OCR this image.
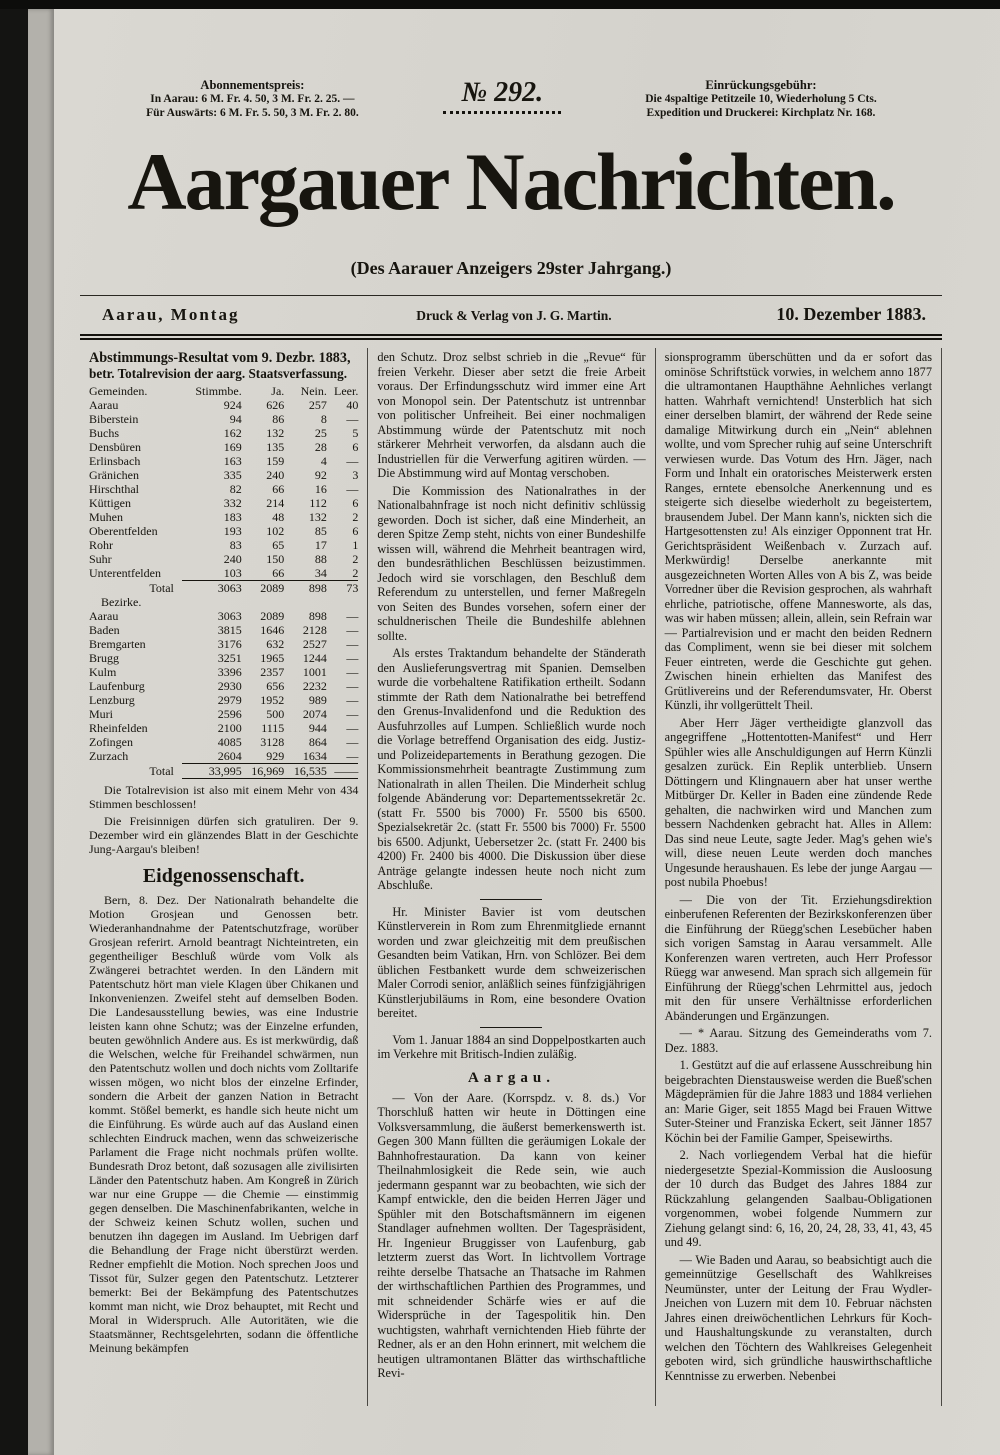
Abonnementspreis:
In Aarau: 6 M. Fr. 4. 50, 3 M. Fr. 2. 25. —
Für Auswärts: 6 M. Fr. 5. 50, 3 M. Fr. 2. 80.
№ 292.	Einrückungsgebühr:
Die 4spaltige Petitzeile 10, Wiederholung 5 Cts.
Expedition und Druckerei: Kirchplatz Nr. 168.
Aargauer Nachrichten.
(Des Aarauer Anzeigers 29ster Jahrgang.)
Aarau, Montag	Druck & Verlag von J. G. Martin.	10. Dezember 1883.
Abstimmungs-Resultat vom 9. Dezbr. 1883,
betr. Totalrevision der aarg. Staatsverfassung.
Gemeinden.	Stimmbe.	Ja.	Nein.	Leer.
Aarau	924	626	257	40
Biberstein	94	86	8	—
Buchs	162	132	25	5
Densbüren	169	135	28	6
Erlinsbach	163	159	4	—
Gränichen	335	240	92	3
Hirschthal	82	66	16	—
Küttigen	332	214	112	6
Muhen	183	48	132	2
Oberentfelden	193	102	85	6
Rohr	83	65	17	1
Suhr	240	150	88	2
Unterentfelden	103	66	34	2
Total	3063	2089	898	73
Bezirke.				
Aarau	3063	2089	898	—
Baden	3815	1646	2128	—
Bremgarten	3176	632	2527	—
Brugg	3251	1965	1244	—
Kulm	3396	2357	1001	—
Laufenburg	2930	656	2232	—
Lenzburg	2979	1952	989	—
Muri	2596	500	2074	—
Rheinfelden	2100	1115	944	—
Zofingen	4085	3128	864	—
Zurzach	2604	929	1634	—
Total	33,995	16,969	16,535	——

Die Totalrevision ist also mit einem Mehr von 434 Stimmen beschlossen!

Die Freisinnigen dürfen sich gratuliren. Der 9. Dezember wird ein glänzendes Blatt in der Geschichte Jung-Aargau's bleiben!

Eidgenossenschaft.

Bern, 8. Dez. Der Nationalrath behandelte die Motion Grosjean und Genossen betr. Wiederanhandnahme der Patentschutzfrage, worüber Grosjean referirt. Arnold beantragt Nichteintreten, ein gegentheiliger Beschluß würde vom Volk als Zwängerei betrachtet werden. In den Ländern mit Patentschutz hört man viele Klagen über Chikanen und Inkonvenienzen. Zweifel steht auf demselben Boden. Die Landesausstellung bewies, was eine Industrie leisten kann ohne Schutz; was der Einzelne erfunden, beuten gewöhnlich Andere aus. Es ist merkwürdig, daß die Welschen, welche für Freihandel schwärmen, nun den Patentschutz wollen und doch nichts vom Zolltarife wissen mögen, wo nicht blos der einzelne Erfinder, sondern die Arbeit der ganzen Nation in Betracht kommt. Stößel bemerkt, es handle sich heute nicht um die Einführung. Es würde auch auf das Ausland einen schlechten Eindruck machen, wenn das schweizerische Parlament die Frage nicht nochmals prüfen wollte. Bundesrath Droz betont, daß sozusagen alle zivilisirten Länder den Patentschutz haben. Am Kongreß in Zürich war nur eine Gruppe — die Chemie — einstimmig gegen denselben. Die Maschinenfabrikanten, welche in der Schweiz keinen Schutz wollen, suchen und benutzen ihn dagegen im Ausland. Im Uebrigen darf die Behandlung der Frage nicht überstürzt werden. Redner empfiehlt die Motion. Noch sprechen Joos und Tissot für, Sulzer gegen den Patentschutz. Letzterer bemerkt: Bei der Bekämpfung des Patentschutzes kommt man nicht, wie Droz behauptet, mit Recht und Moral in Widerspruch. Alle Autoritäten, wie die Staatsmänner, Rechtsgelehrten, sodann die öffentliche Meinung bekämpfen

den Schutz. Droz selbst schrieb in die „Revue“ für freien Verkehr. Dieser aber setzt die freie Arbeit voraus. Der Erfindungsschutz wird immer eine Art von Monopol sein. Der Patentschutz ist untrennbar von politischer Unfreiheit. Bei einer nochmaligen Abstimmung würde der Patentschutz mit noch stärkerer Mehrheit verworfen, da alsdann auch die Industriellen für die Verwerfung agitiren würden. — Die Abstimmung wird auf Montag verschoben.

Die Kommission des Nationalrathes in der Nationalbahnfrage ist noch nicht definitiv schlüssig geworden. Doch ist sicher, daß eine Minderheit, an deren Spitze Zemp steht, nichts von einer Bundeshilfe wissen will, während die Mehrheit beantragen wird, den bundesräthlichen Beschlüssen beizustimmen. Jedoch wird sie vorschlagen, den Beschluß dem Referendum zu unterstellen, und ferner Maßregeln von Seiten des Bundes vorsehen, sofern einer der schuldnerischen Theile die Bundeshilfe ablehnen sollte.

Als erstes Traktandum behandelte der Ständerath den Auslieferungsvertrag mit Spanien. Demselben wurde die vorbehaltene Ratifikation ertheilt. Sodann stimmte der Rath dem Nationalrathe bei betreffend den Grenus-Invalidenfond und die Reduktion des Ausfuhrzolles auf Lumpen. Schließlich wurde noch die Vorlage betreffend Organisation des eidg. Justiz- und Polizeidepartements in Berathung gezogen. Die Kommissionsmehrheit beantragte Zustimmung zum Nationalrath in allen Theilen. Die Minderheit schlug folgende Abänderung vor: Departementssekretär 2c. (statt Fr. 5500 bis 7000) Fr. 5500 bis 6500. Spezialsekretär 2c. (statt Fr. 5500 bis 7000) Fr. 5500 bis 6500. Adjunkt, Uebersetzer 2c. (statt Fr. 2400 bis 4200) Fr. 2400 bis 4000. Die Diskussion über diese Anträge gelangte indessen heute noch nicht zum Abschluße.

Hr. Minister Bavier ist vom deutschen Künstlerverein in Rom zum Ehrenmitgliede ernannt worden und zwar gleichzeitig mit dem preußischen Gesandten beim Vatikan, Hrn. von Schlözer. Bei dem üblichen Festbankett wurde dem schweizerischen Maler Corrodi senior, anläßlich seines fünfzigjährigen Künstlerjubiläums in Rom, eine besondere Ovation bereitet.

Vom 1. Januar 1884 an sind Doppelpostkarten auch im Verkehre mit Britisch-Indien zuläßig.

Aargau.

— Von der Aare. (Korrspdz. v. 8. ds.) Vor Thorschluß hatten wir heute in Döttingen eine Volksversammlung, die äußerst bemerkenswerth ist. Gegen 300 Mann füllten die geräumigen Lokale der Bahnhofrestauration. Da kann von keiner Theilnahmlosigkeit die Rede sein, wie auch jedermann gespannt war zu beobachten, wie sich der Kampf entwickle, den die beiden Herren Jäger und Spühler mit den Botschaftsmännern im eigenen Standlager aufnehmen wollten. Der Tagespräsident, Hr. Ingenieur Bruggisser von Laufenburg, gab letzterm zuerst das Wort. In lichtvollem Vortrage reihte derselbe Thatsache an Thatsache im Rahmen der wirthschaftlichen Parthien des Programmes, und mit schneidender Schärfe wies er auf die Widersprüche in der Tagespolitik hin. Den wuchtigsten, wahrhaft vernichtenden Hieb führte der Redner, als er an den Hohn erinnert, mit welchem die heutigen ultramontanen Blätter das wirthschaftliche Revi-

sionsprogramm überschütten und da er sofort das ominöse Schriftstück vorwies, in welchem anno 1877 die ultramontanen Haupthähne Aehnliches verlangt hatten. Wahrhaft vernichtend! Unsterblich hat sich einer derselben blamirt, der während der Rede seine damalige Mitwirkung durch ein „Nein“ ablehnen wollte, und vom Sprecher ruhig auf seine Unterschrift verwiesen wurde. Das Votum des Hrn. Jäger, nach Form und Inhalt ein oratorisches Meisterwerk ersten Ranges, erntete ebensolche Anerkennung und es steigerte sich dieselbe wiederholt zu begeistertem, brausendem Jubel. Der Mann kann's, nickten sich die Hartgesottensten zu! Als einziger Opponnent trat Hr. Gerichtspräsident Weißenbach v. Zurzach auf. Merkwürdig! Derselbe anerkannte mit ausgezeichneten Worten Alles von A bis Z, was beide Vorredner über die Revision gesprochen, als wahrhaft ehrliche, patriotische, offene Mannesworte, als das, was wir haben müssen; allein, allein, sein Refrain war — Partialrevision und er macht den beiden Rednern das Compliment, wenn sie bei dieser mit solchem Feuer eintreten, werde die Geschichte gut gehen. Zwischen hinein erhielten das Manifest des Grütlivereins und der Referendumsvater, Hr. Oberst Künzli, ihr vollgerüttelt Theil.

Aber Herr Jäger vertheidigte glanzvoll das angegriffene „Hottentotten-Manifest“ und Herr Spühler wies alle Anschuldigungen auf Herrn Künzli gesalzen zurück. Ein Replik unterblieb. Unsern Döttingern und Klingnauern aber hat unser werthe Mitbürger Dr. Keller in Baden eine zündende Rede gehalten, die nachwirken wird und Manchen zum bessern Nachdenken gebracht hat. Alles in Allem: Das sind neue Leute, sagte Jeder. Mag's gehen wie's will, diese neuen Leute werden doch manches Ungesunde heraushauen. Es lebe der junge Aargau — post nubila Phoebus!

— Die von der Tit. Erziehungsdirektion einberufenen Referenten der Bezirkskonferenzen über die Einführung der Rüegg'schen Lesebücher haben sich vorigen Samstag in Aarau versammelt. Alle Konferenzen waren vertreten, auch Herr Professor Rüegg war anwesend. Man sprach sich allgemein für Einführung der Rüegg'schen Lehrmittel aus, jedoch mit den für unsere Verhältnisse erforderlichen Abänderungen und Ergänzungen.

— * Aarau. Sitzung des Gemeinderaths vom 7. Dez. 1883.

1. Gestützt auf die auf erlassene Ausschreibung hin beigebrachten Dienstausweise werden die Bueß'schen Mägdeprämien für die Jahre 1883 und 1884 verliehen an: Marie Giger, seit 1855 Magd bei Frauen Wittwe Suter-Steiner und Franziska Eckert, seit Jänner 1857 Köchin bei der Familie Gamper, Speisewirths.

2. Nach vorliegendem Verbal hat die hiefür niedergesetzte Spezial-Kommission die Ausloosung der 10 durch das Budget des Jahres 1884 zur Rückzahlung gelangenden Saalbau-Obligationen vorgenommen, wobei folgende Nummern zur Ziehung gelangt sind: 6, 16, 20, 24, 28, 33, 41, 43, 45 und 49.

— Wie Baden und Aarau, so beabsichtigt auch die gemeinnützige Gesellschaft des Wahlkreises Neumünster, unter der Leitung der Frau Wydler-Jneichen von Luzern mit dem 10. Februar nächsten Jahres einen dreiwöchentlichen Lehrkurs für Koch- und Haushaltungskunde zu veranstalten, durch welchen den Töchtern des Wahlkreises Gelegenheit geboten wird, sich gründliche hauswirthschaftliche Kenntnisse zu erwerben. Nebenbei
